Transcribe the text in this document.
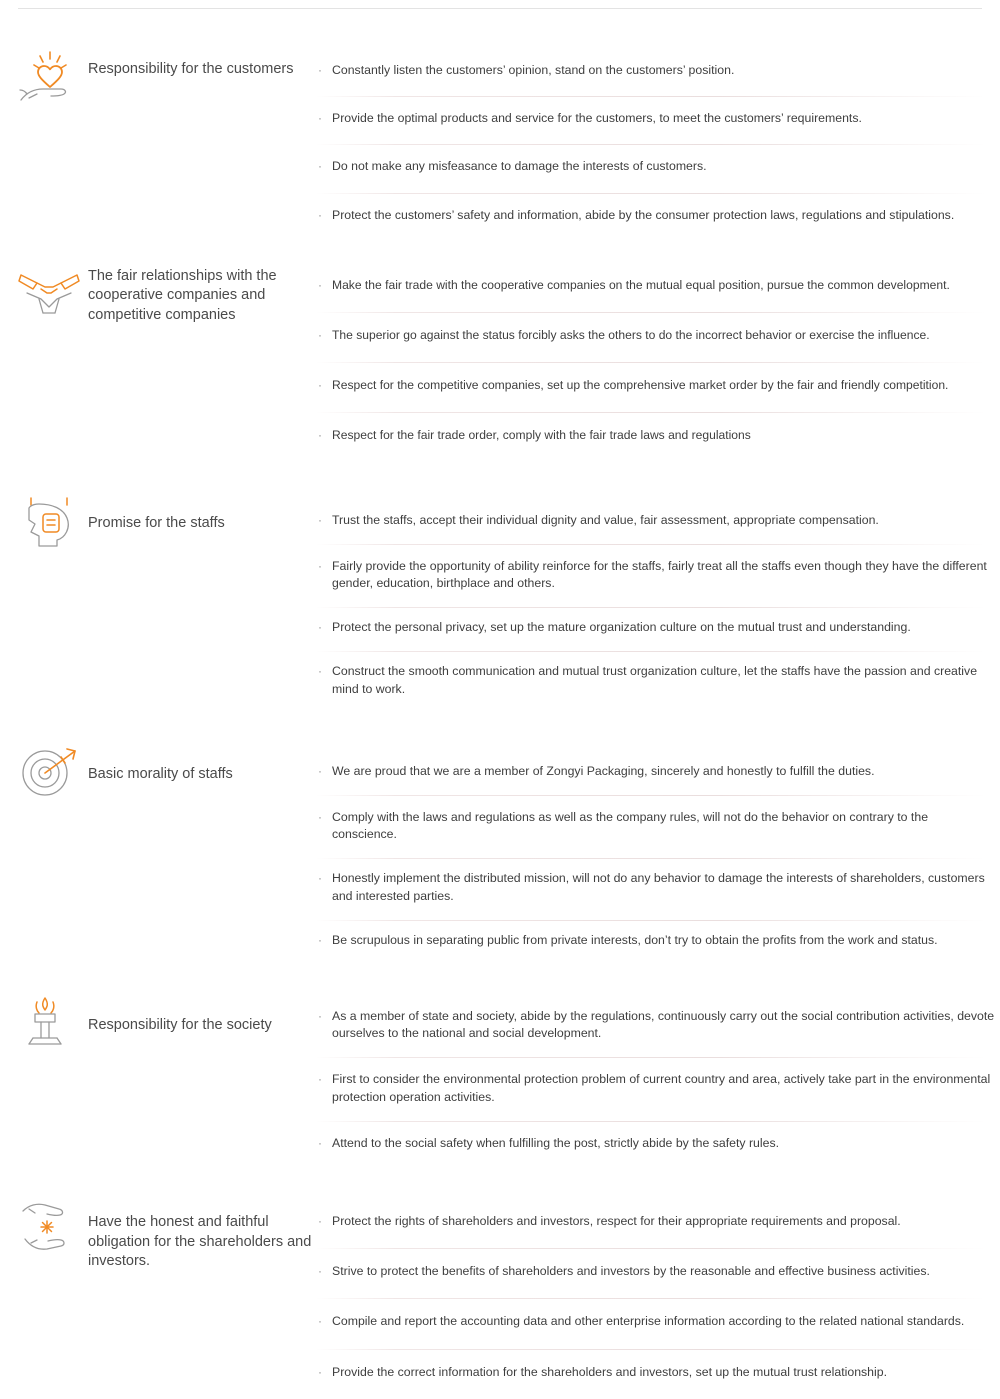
Responsibility for the customers	· Constantly listen the customers’ opinion, stand on the customers’ position.
· Provide the optimal products and service for the customers, to meet the customers’ requirements.
· Do not make any misfeasance to damage the interests of customers.
· Protect the customers’ safety and information, abide by the consumer protection laws, regulations and stipulations.
The fair relationships with the cooperative companies and competitive companies
· Make the fair trade with the cooperative companies on the mutual equal position, pursue the common development.
· The superior go against the status forcibly asks the others to do the incorrect behavior or exercise the influence.
· Respect for the competitive companies, set up the comprehensive market order by the fair and friendly competition.
· Respect for the fair trade order, comply with the fair trade laws and regulations
Promise for the staffs	· Trust the staffs, accept their individual dignity and value, fair assessment, appropriate compensation.
· Fairly provide the opportunity of ability reinforce for the staffs, fairly treat all the staffs even though they have the different gender, education, birthplace and others.
· Protect the personal privacy, set up the mature organization culture on the mutual trust and understanding.
· Construct the smooth communication and mutual trust organization culture, let the staffs have the passion and creative mind to work.
Basic morality of staffs	· We are proud that we are a member of Zongyi Packaging, sincerely and honestly to fulfill the duties.
· Comply with the laws and regulations as well as the company rules, will not do the behavior on contrary to the conscience.
· Honestly implement the distributed mission, will not do any behavior to damage the interests of shareholders, customers and interested parties.
· Be scrupulous in separating public from private interests, don’t try to obtain the profits from the work and status.
Responsibility for the society
· As a member of state and society, abide by the regulations, continuously carry out the social contribution activities, devote ourselves to the national and social development.
· First to consider the environmental protection problem of current country and area, actively take part in the environmental protection operation activities.
· Attend to the social safety when fulfilling the post, strictly abide by the safety rules.
Have the honest and faithful obligation for the shareholders and investors.
· Protect the rights of shareholders and investors, respect for their appropriate requirements and proposal.
· Strive to protect the benefits of shareholders and investors by the reasonable and effective business activities.
· Compile and report the accounting data and other enterprise information according to the related national standards.
· Provide the correct information for the shareholders and investors, set up the mutual trust relationship.
